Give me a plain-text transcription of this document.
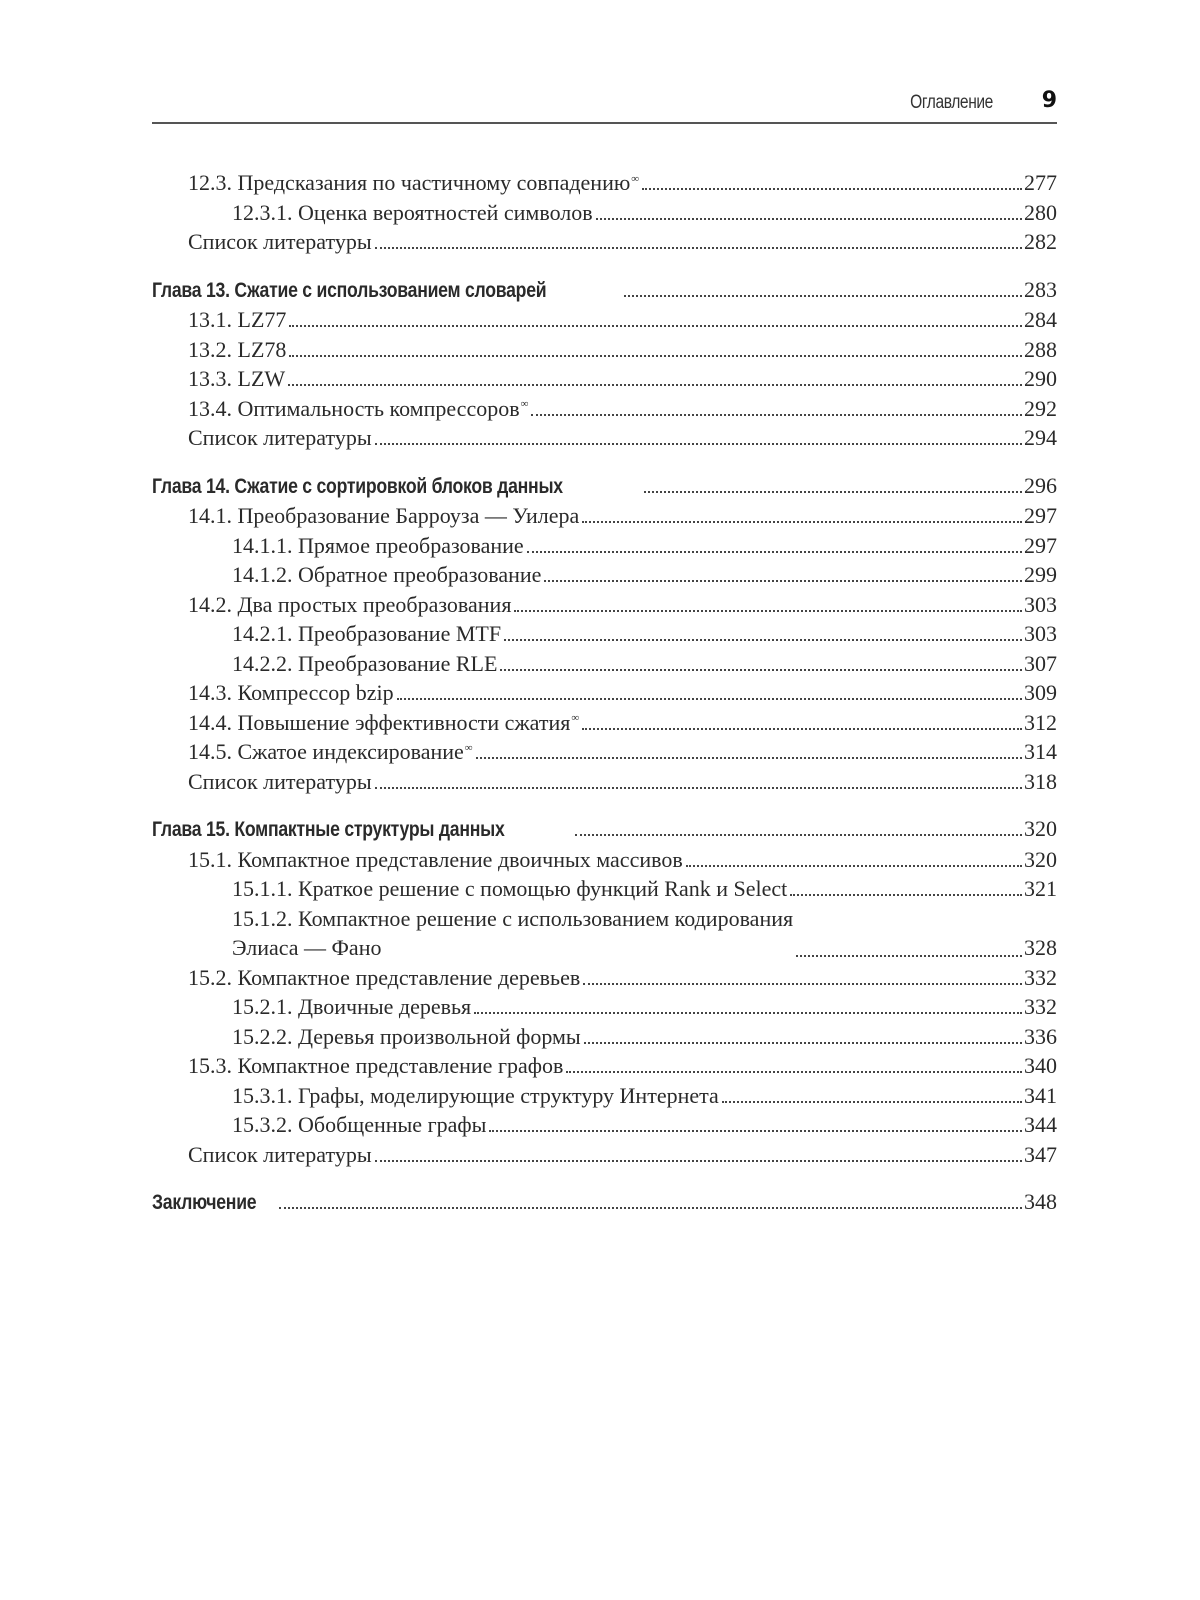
Оглавление 9
12.3. Предсказания по частичному совпадению∞	277
12.3.1. Оценка вероятностей символов	280
Список литературы	282
Глава 13. Сжатие с использованием словарей	283
13.1. LZ77	284
13.2. LZ78	288
13.3. LZW	290
13.4. Оптимальность компрессоров∞	292
Список литературы	294
Глава 14. Сжатие с сортировкой блоков данных	296
14.1. Преобразование Барроуза — Уилера	297
14.1.1. Прямое преобразование	297
14.1.2. Обратное преобразование	299
14.2. Два простых преобразования	303
14.2.1. Преобразование MTF	303
14.2.2. Преобразование RLE	307
14.3. Компрессор bzip	309
14.4. Повышение эффективности сжатия∞	312
14.5. Сжатое индексирование∞	314
Список литературы	318
Глава 15. Компактные структуры данных	320
15.1. Компактное представление двоичных массивов	320
15.1.1. Краткое решение с помощью функций Rank и Select	321
15.1.2. Компактное решение с использованием кодирования
Элиаса — Фано	328
15.2. Компактное представление деревьев	332
15.2.1. Двоичные деревья	332
15.2.2. Деревья произвольной формы	336
15.3. Компактное представление графов	340
15.3.1. Графы, моделирующие структуру Интернета	341
15.3.2. Обобщенные графы	344
Список литературы	347
Заключение	348
